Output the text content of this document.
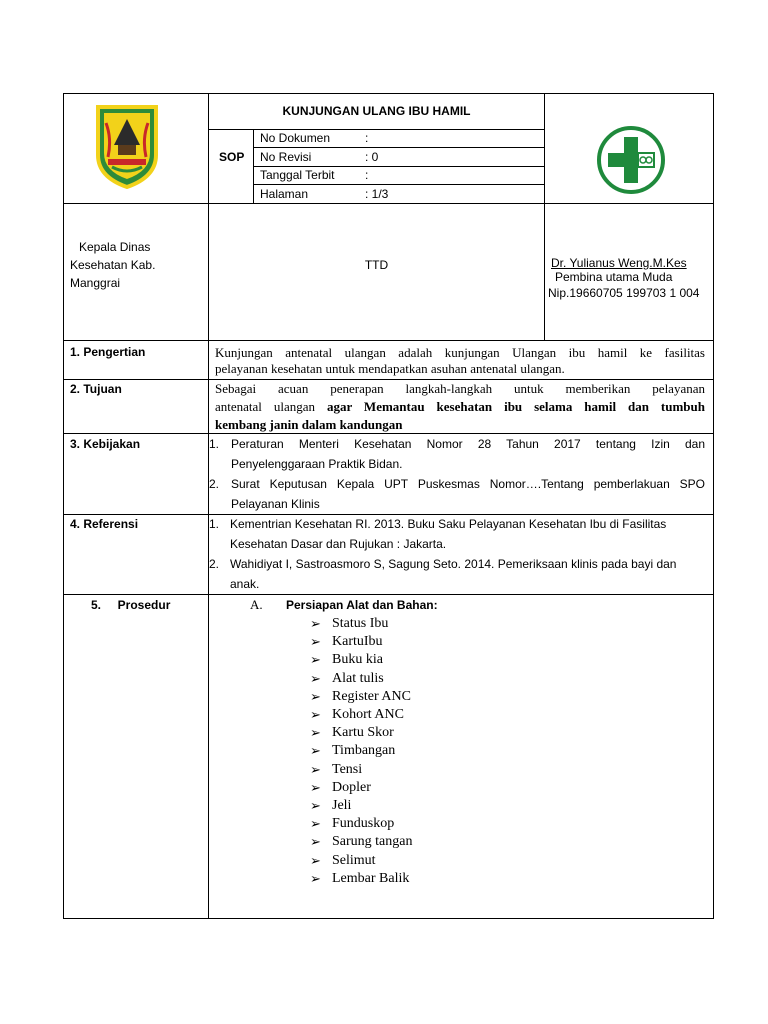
KUNJUNGAN ULANG IBU HAMIL
SOP
No Dokumen	:
No Revisi	: 0
Tanggal Terbit	:
Halaman	: 1/3
Kepala Dinas
Kesehatan Kab.
Manggrai
TTD	Dr. Yulianus Weng.M.Kes
Pembina utama Muda
Nip.19660705 199703 1 004
1. Pengertian	Kunjungan antenatal ulangan adalah kunjungan Ulangan ibu hamil ke fasilitas
pelayanan kesehatan untuk mendapatkan asuhan antenatal ulangan.
2. Tujuan	Sebagai acuan penerapan langkah-langkah untuk memberikan pelayanan
antenatal ulangan agar Memantau kesehatan ibu selama hamil dan tumbuh
kembang janin dalam kandungan
3. Kebijakan	1. Peraturan Menteri Kesehatan Nomor 28 Tahun 2017 tentang Izin dan
Penyelenggaraan Praktik Bidan.
2. Surat Keputusan Kepala UPT Puskesmas Nomor….Tentang pemberlakuan SPO
Pelayanan Klinis
4. Referensi	1. Kementrian Kesehatan RI. 2013. Buku Saku Pelayanan Kesehatan Ibu di Fasilitas
Kesehatan Dasar dan Rujukan : Jakarta.
2. Wahidiyat I, Sastroasmoro S, Sagung Seto. 2014. Pemeriksaan klinis pada bayi dan
anak.
5.     Prosedur	A. Persiapan Alat dan Bahan:
➢ Status Ibu
➢ KartuIbu
➢ Buku kia
➢ Alat tulis
➢ Register ANC
➢ Kohort ANC
➢ Kartu Skor
➢ Timbangan
➢ Tensi
➢ Dopler
➢ Jeli
➢ Funduskop
➢ Sarung tangan
➢ Selimut
➢ Lembar Balik
